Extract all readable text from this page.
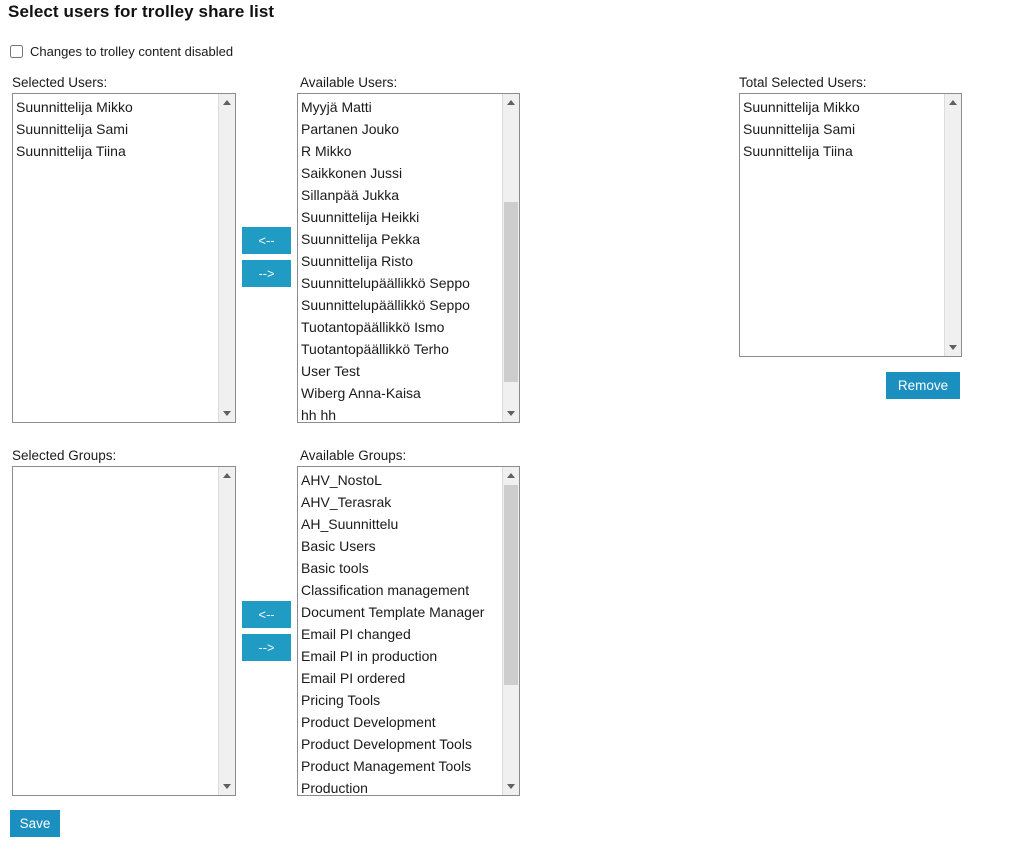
Select users for trolley share list
Changes to trolley content disabled
Selected Users:	Available Users:	Total Selected Users:
Selected Groups:	Available Groups:
Suunnittelija Mikko
Suunnittelija Sami
Suunnittelija Tiina
<--
-->
Myyjä Matti
Partanen Jouko
R Mikko
Saikkonen Jussi
Sillanpää Jukka
Suunnittelija Heikki
Suunnittelija Pekka
Suunnittelija Risto
Suunnittelupäällikkö Seppo
Suunnittelupäällikkö Seppo
Tuotantopäällikkö Ismo
Tuotantopäällikkö Terho
User Test
Wiberg Anna-Kaisa
hh hh
Suunnittelija Mikko
Suunnittelija Sami
Suunnittelija Tiina
Remove
<--
-->
AHV_NostoL
AHV_Terasrak
AH_Suunnittelu
Basic Users
Basic tools
Classification management
Document Template Manager
Email PI changed
Email PI in production
Email PI ordered
Pricing Tools
Product Development
Product Development Tools
Product Management Tools
Production
Save
